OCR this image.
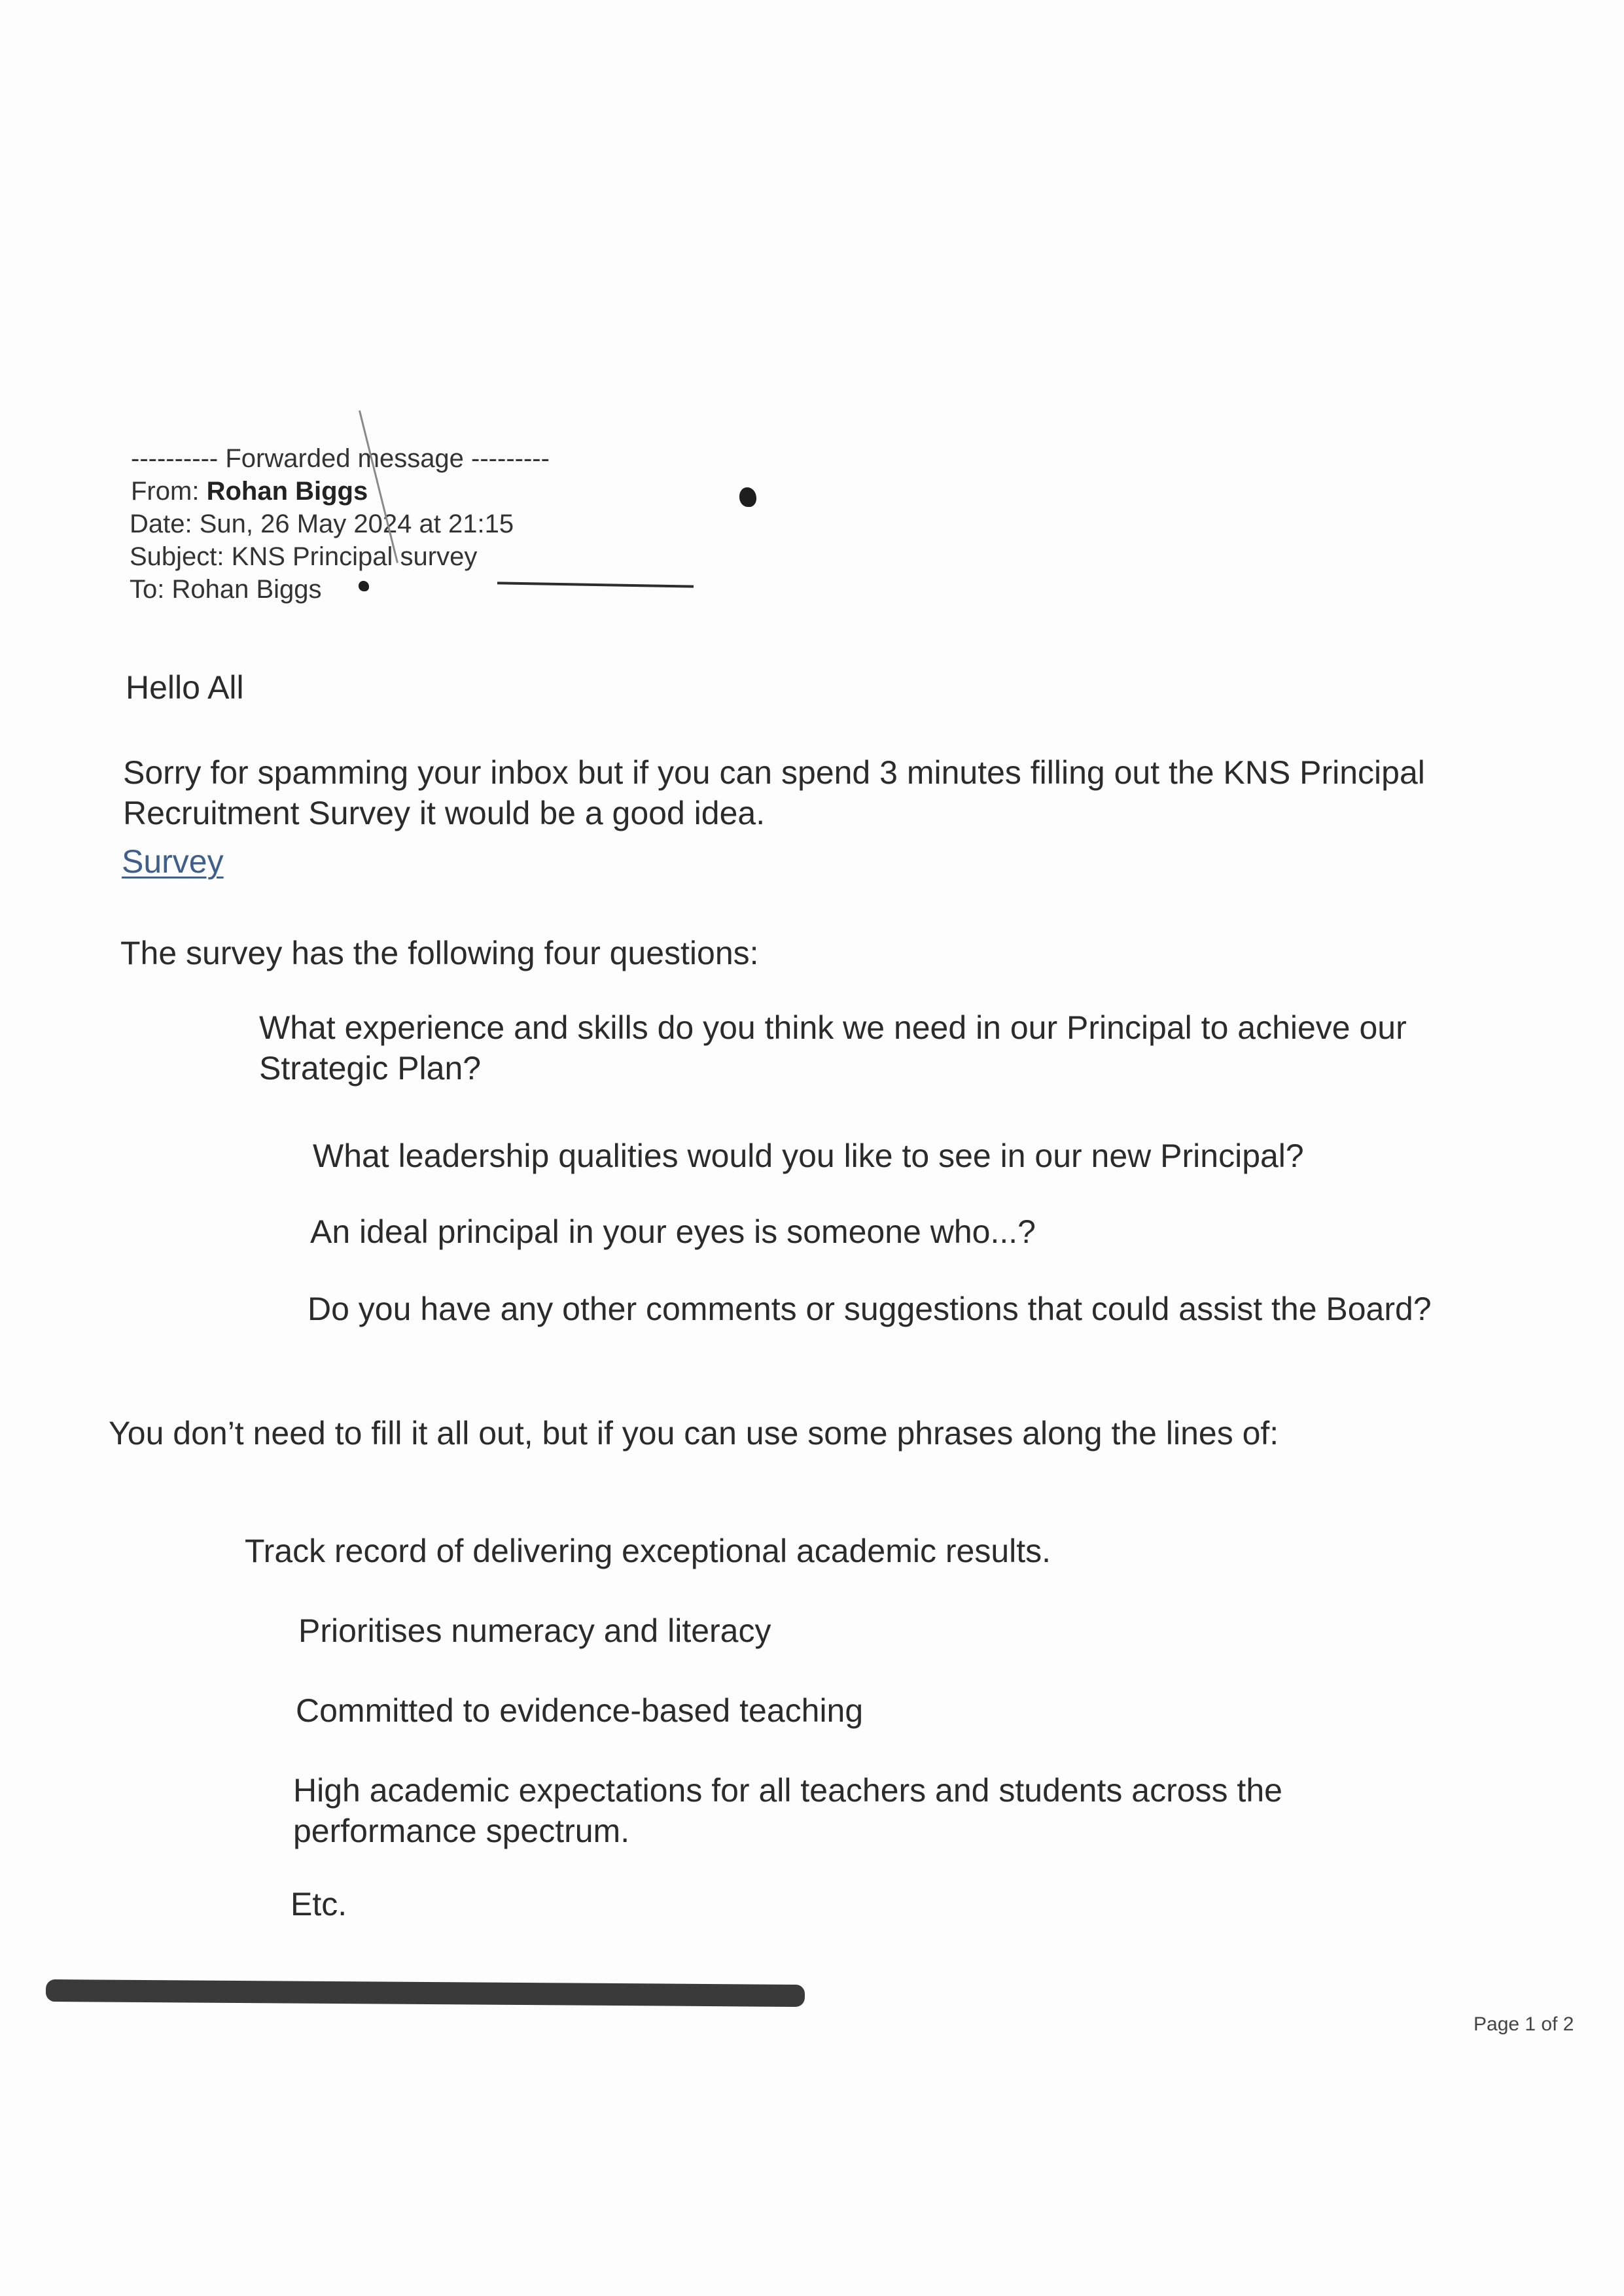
---------- Forwarded message ---------
From: Rohan Biggs
Date: Sun, 26 May 2024 at 21:15
Subject: KNS Principal survey
To: Rohan Biggs
Hello All
Sorry for spamming your inbox but if you can spend 3 minutes filling out the KNS Principal Recruitment Survey it would be a good idea.
Survey
The survey has the following four questions:
What experience and skills do you think we need in our Principal to achieve our Strategic Plan?
What leadership qualities would you like to see in our new Principal?
An ideal principal in your eyes is someone who...?
Do you have any other comments or suggestions that could assist the Board?
You don’t need to fill it all out, but if you can use some phrases along the lines of:
Track record of delivering exceptional academic results.
Prioritises numeracy and literacy
Committed to evidence-based teaching
High academic expectations for all teachers and students across the performance spectrum.
Etc.
Page 1 of 2
